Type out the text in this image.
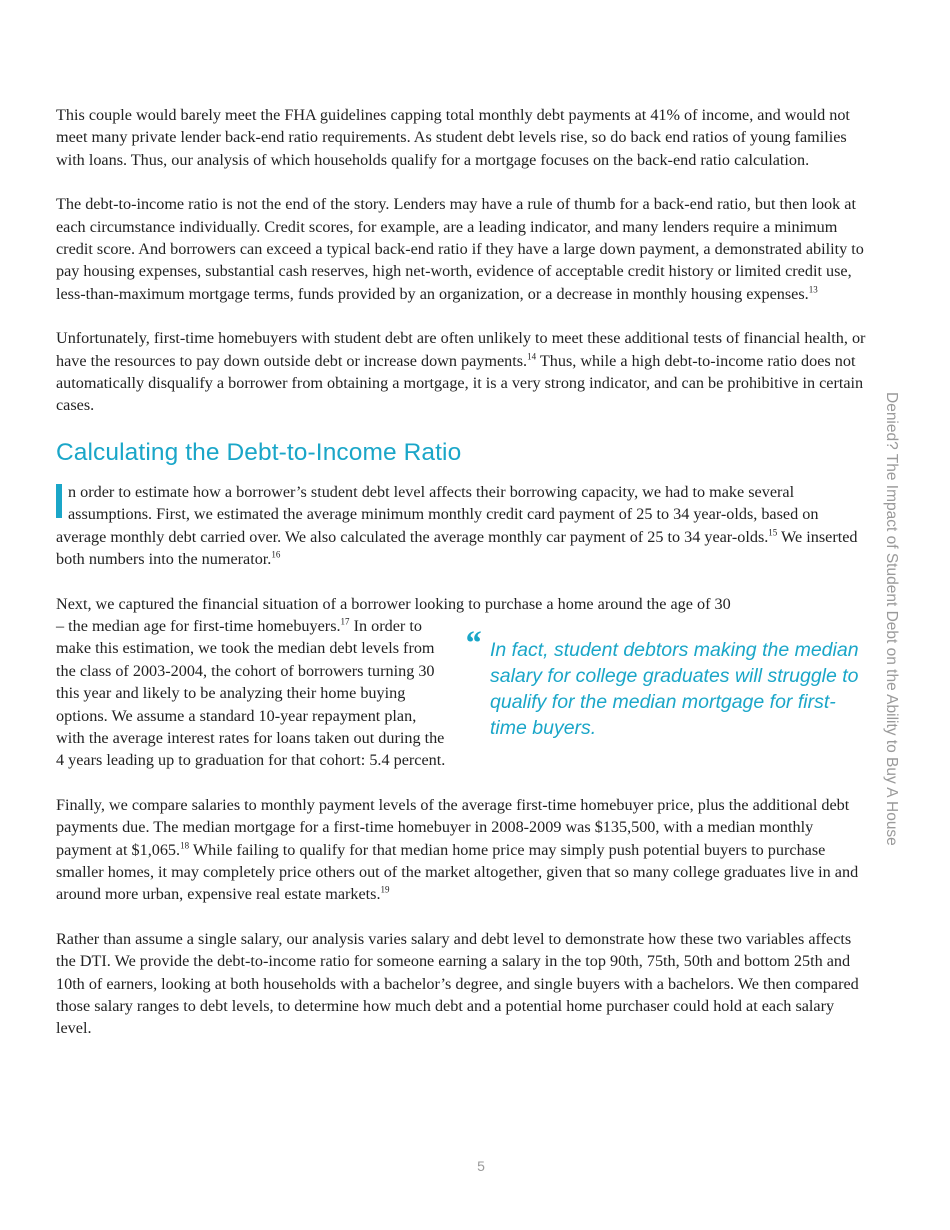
This couple would barely meet the FHA guidelines capping total monthly debt payments at 41% of income, and would not meet many private lender back-end ratio requirements. As student debt levels rise, so do back end ratios of young families with loans. Thus, our analysis of which households qualify for a mortgage focuses on the back-end ratio calculation.

The debt-to-income ratio is not the end of the story. Lenders may have a rule of thumb for a back-end ratio, but then look at each circumstance individually. Credit scores, for example, are a leading indicator, and many lenders require a minimum credit score. And borrowers can exceed a typical back-end ratio if they have a large down payment, a demonstrated ability to pay housing expenses, substantial cash reserves, high net-worth, evidence of acceptable credit history or limited credit use, less-than-maximum mortgage terms, funds provided by an organization, or a decrease in monthly housing expenses.$^{13}$

Unfortunately, first-time homebuyers with student debt are often unlikely to meet these additional tests of financial health, or have the resources to pay down outside debt or increase down payments.$^{14}$ Thus, while a high debt-to-income ratio does not automatically disqualify a borrower from obtaining a mortgage, it is a very strong indicator, and can be prohibitive in certain cases.

Calculating the Debt-to-Income Ratio

n order to estimate how a borrower’s student debt level affects their borrowing capacity, we had to make several assumptions. First, we estimated the average minimum monthly credit card payment of 25 to 34 year-olds, based on average monthly debt carried over. We also calculated the average monthly car payment of 25 to 34 year-olds.$^{15}$ We inserted both numbers into the numerator.$^{16}$

Next, we captured the financial situation of a borrower looking to purchase a home around the age of 30

– the median age for first-time homebuyers.$^{17}$ In order to make this estimation, we took the median debt levels from the class of 2003-2004, the cohort of borrowers turning 30 this year and likely to be analyzing their home buying options. We assume a standard 10-year repayment plan, with the average interest rates for loans taken out during the 4 years leading up to graduation for that cohort: 5.4 percent.

“ In fact, student debtors making the median salary for college graduates will struggle to qualify for the median mortgage for first-time buyers.

Finally, we compare salaries to monthly payment levels of the average first-time homebuyer price, plus the additional debt payments due. The median mortgage for a first-time homebuyer in 2008-2009 was $135,500, with a median monthly payment at $1,065.18 While failing to qualify for that median home price may simply push potential buyers to purchase smaller homes, it may completely price others out of the market altogether, given that so many college graduates live in and around more urban, expensive real estate markets.$^{19}$

Rather than assume a single salary, our analysis varies salary and debt level to demonstrate how these two variables affects the DTI. We provide the debt-to-income ratio for someone earning a salary in the top 90th, 75th, 50th and bottom 25th and 10th of earners, looking at both households with a bachelor’s degree, and single buyers with a bachelors. We then compared those salary ranges to debt levels, to determine how much debt and a potential home purchaser could hold at each salary level.

Denied? The Impact of Student Debt on the Ability to Buy A House
5
